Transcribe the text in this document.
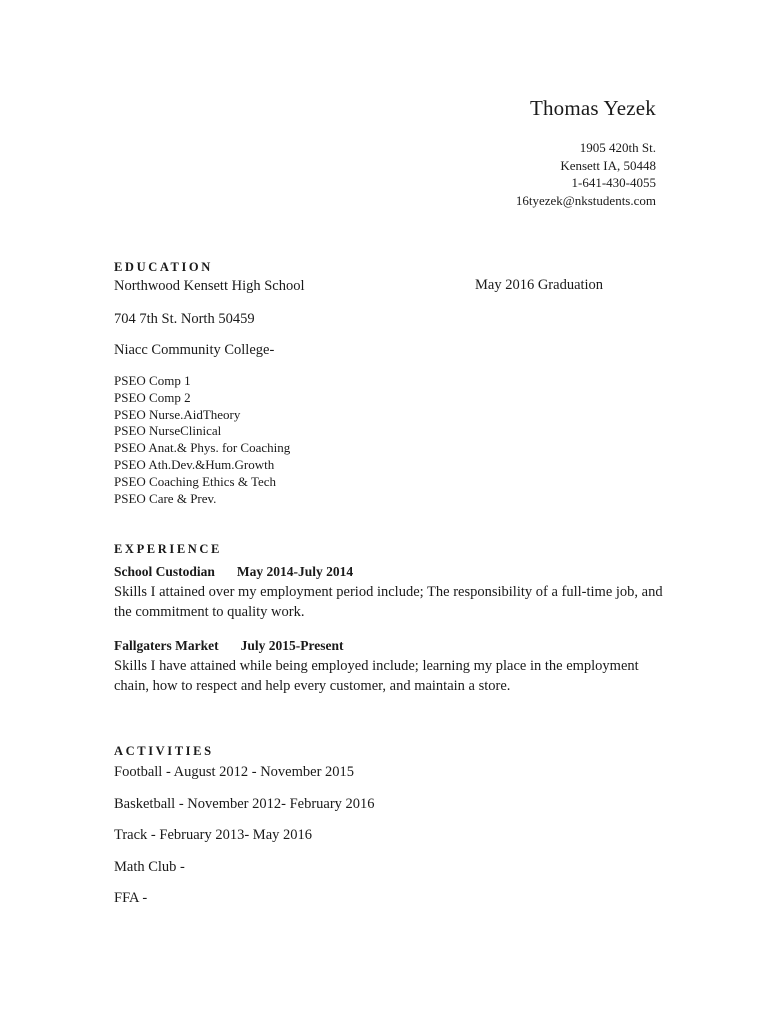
Thomas Yezek
1905 420th St.
Kensett IA, 50448
1-641-430-4055
16tyezek@nkstudents.com
EDUCATION
Northwood Kensett High School	May 2016 Graduation
704 7th St. North 50459
Niacc Community College-
PSEO Comp 1
PSEO Comp 2
PSEO Nurse.AidTheory
PSEO NurseClinical
PSEO Anat.& Phys. for Coaching
PSEO Ath.Dev.&Hum.Growth
PSEO Coaching Ethics & Tech
PSEO Care & Prev.
EXPERIENCE
School Custodian May 2014-July 2014
Skills I attained over my employment period include; The responsibility of a full-time job, and the commitment to quality work.
Fallgaters Market July 2015-Present
Skills I have attained while being employed include; learning my place in the employment chain, how to respect and help every customer, and maintain a store.
ACTIVITIES
Football - August 2012 - November 2015
Basketball - November 2012- February 2016
Track - February 2013- May 2016
Math Club -
FFA -
